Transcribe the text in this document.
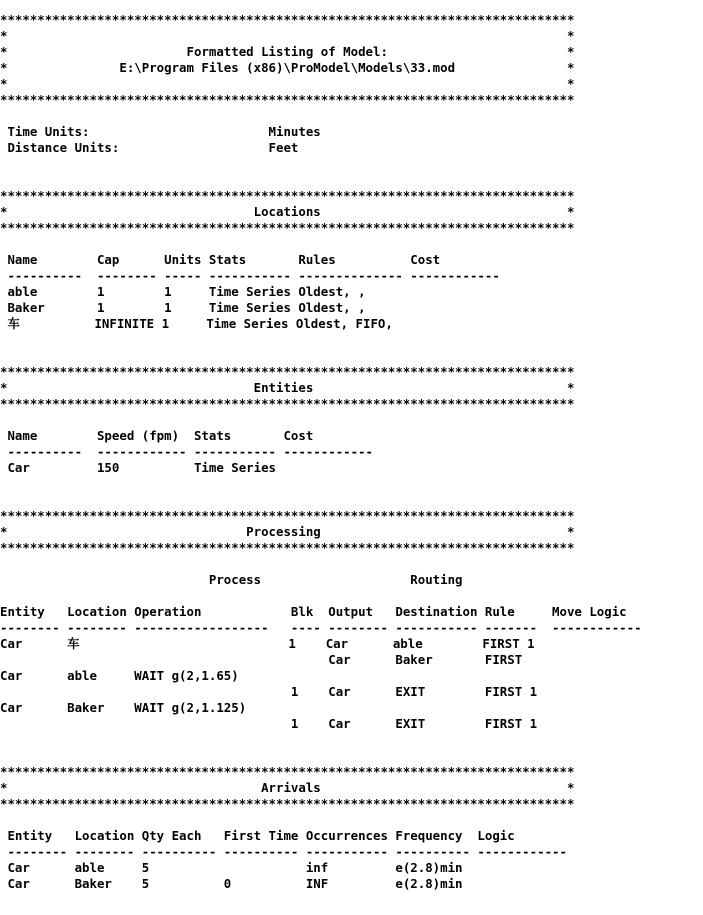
*****************************************************************************
*                                                                           *
*                        Formatted Listing of Model:                        *
*               E:\Program Files (x86)\ProModel\Models\33.mod               *
*                                                                           *
*****************************************************************************
Time Units:                        Minutes
Distance Units:                    Feet
*****************************************************************************
*                                 Locations                                 *
*****************************************************************************
Name        Cap      Units Stats       Rules          Cost
----------  -------- ----- ----------- -------------- ------------
able        1        1     Time Series Oldest, ,
Baker       1        1     Time Series Oldest, ,
车          INFINITE 1     Time Series Oldest, FIFO,
*****************************************************************************
*                                 Entities                                  *
*****************************************************************************
Name        Speed (fpm)  Stats       Cost
----------  ------------ ----------- ------------
Car         150          Time Series
*****************************************************************************
*                                Processing                                 *
*****************************************************************************
Process                    Routing
Entity   Location Operation            Blk  Output   Destination Rule     Move Logic
-------- -------- ------------------   ---- -------- ----------- -------  ------------
Car      车                            1    Car      able        FIRST 1
Car      Baker       FIRST
Car      able     WAIT g(2,1.65)
1    Car      EXIT        FIRST 1
Car      Baker    WAIT g(2,1.125)
1    Car      EXIT        FIRST 1
*****************************************************************************
*                                  Arrivals                                 *
*****************************************************************************
Entity   Location Qty Each   First Time Occurrences Frequency  Logic
-------- -------- ---------- ---------- ----------- ---------- ------------
Car      able     5                     inf         e(2.8)min
Car      Baker    5          0          INF         e(2.8)min
